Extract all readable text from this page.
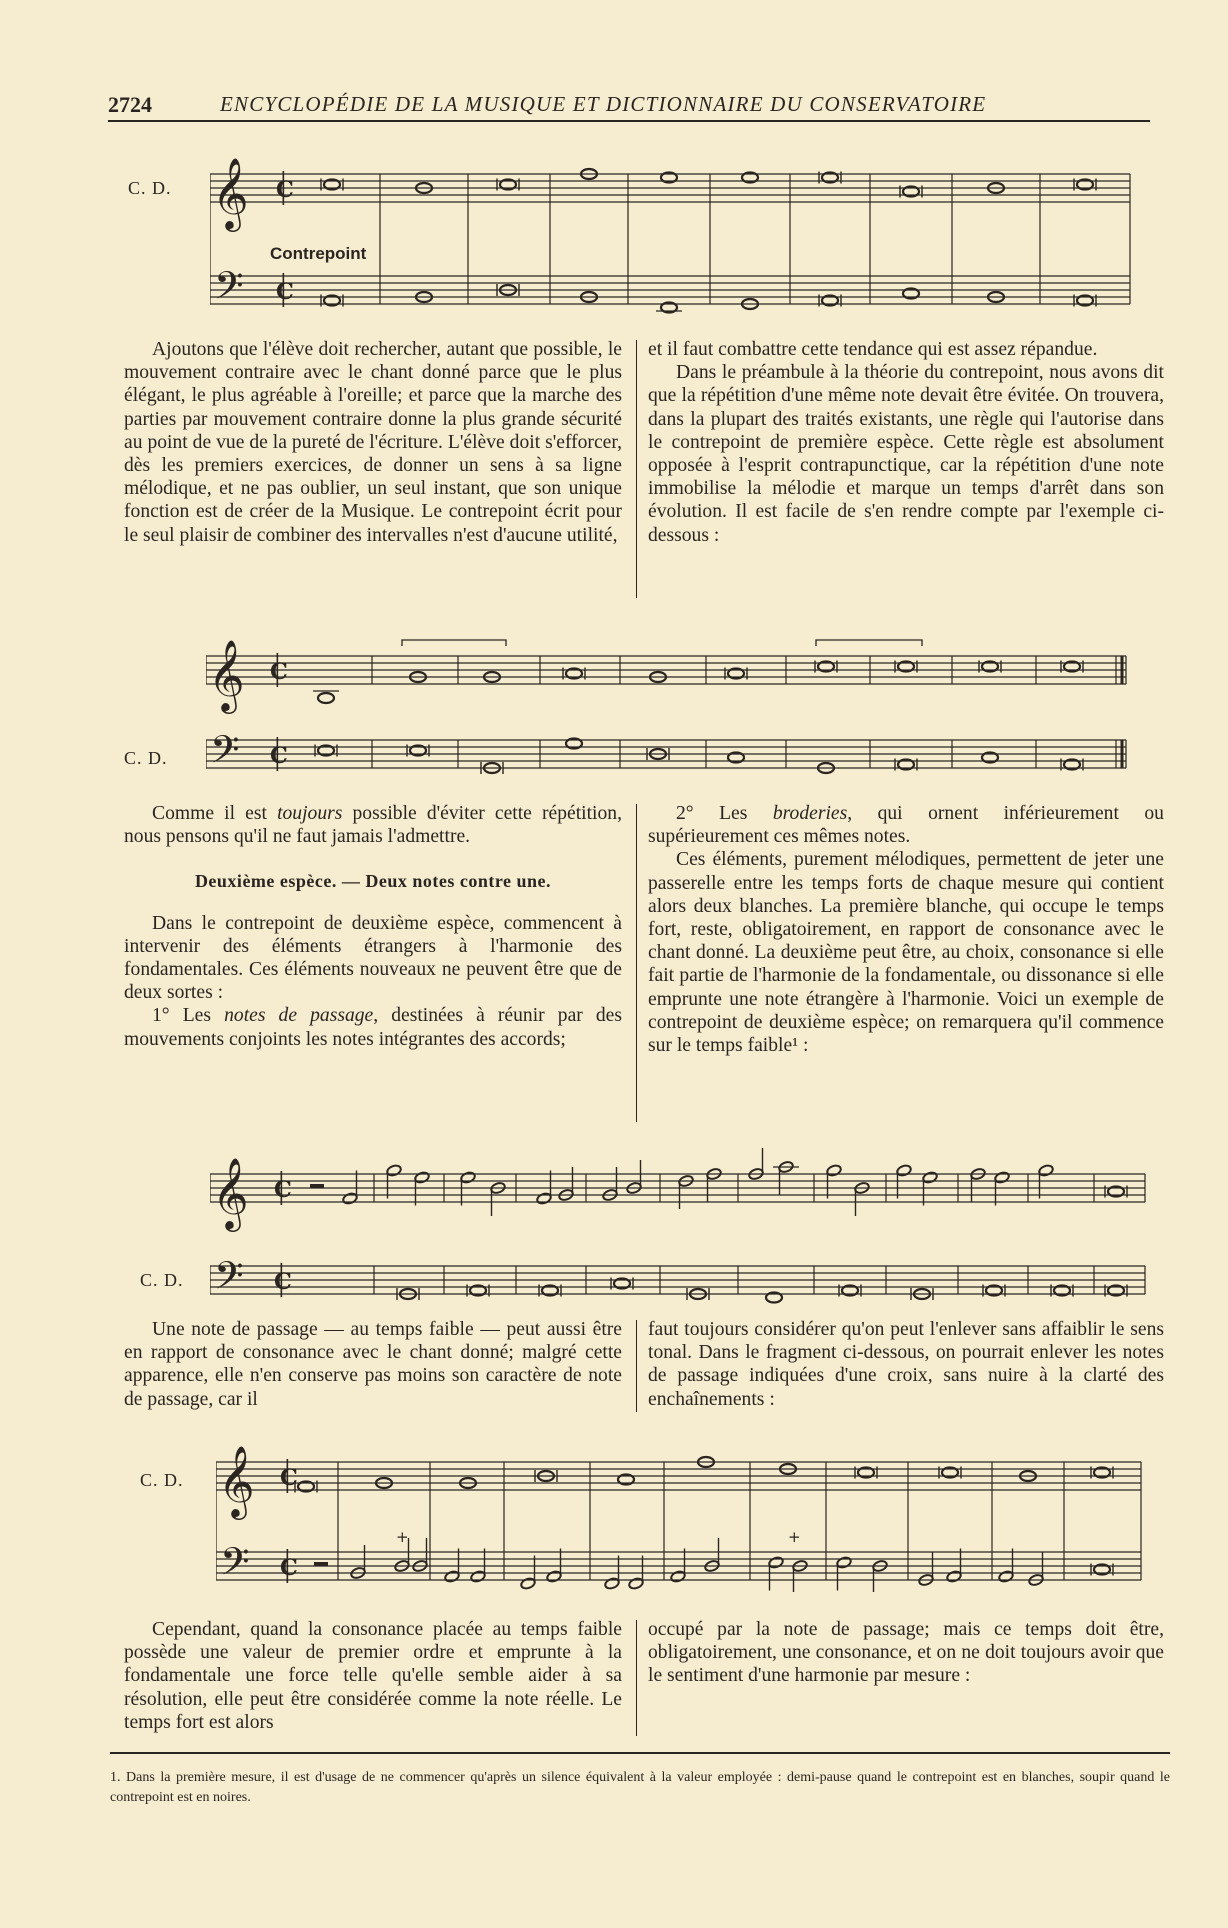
2724	ENCYCLOPÉDIE DE LA MUSIQUE ET DICTIONNAIRE DU CONSERVATOIRE
𝄞
𝄢
C
C
C. D.
Contrepoint

Ajoutons que l'élève doit rechercher, autant que possible, le mouvement contraire avec le chant donné parce que le plus élégant, le plus agréable à l'oreille; et parce que la marche des parties par mouvement contraire donne la plus grande sécurité au point de vue de la pureté de l'écriture. L'élève doit s'efforcer, dès les premiers exercices, de donner un sens à sa ligne mélodique, et ne pas oublier, un seul instant, que son unique fonction est de créer de la Musique. Le contrepoint écrit pour le seul plaisir de combiner des intervalles n'est d'aucune utilité,

et il faut combattre cette tendance qui est assez répandue.

Dans le préambule à la théorie du contrepoint, nous avons dit que la répétition d'une même note devait être évitée. On trouvera, dans la plupart des traités existants, une règle qui l'autorise dans le contrepoint de première espèce. Cette règle est absolument opposée à l'esprit contrapunctique, car la répétition d'une note immobilise la mélodie et marque un temps d'arrêt dans son évolution. Il est facile de s'en rendre compte par l'exemple ci-dessous :

𝄞
𝄢
C
C
C. D.

Comme il est toujours possible d'éviter cette répétition, nous pensons qu'il ne faut jamais l'admettre.

Deuxième espèce. — Deux notes contre une.

Dans le contrepoint de deuxième espèce, commencent à intervenir des éléments étrangers à l'harmonie des fondamentales. Ces éléments nouveaux ne peuvent être que de deux sortes :

1° Les notes de passage, destinées à réunir par des mouvements conjoints les notes intégrantes des accords;

2° Les broderies, qui ornent inférieurement ou supérieurement ces mêmes notes.

Ces éléments, purement mélodiques, permettent de jeter une passerelle entre les temps forts de chaque mesure qui contient alors deux blanches. La première blanche, qui occupe le temps fort, reste, obligatoirement, en rapport de consonance avec le chant donné. La deuxième peut être, au choix, consonance si elle fait partie de l'harmonie de la fondamentale, ou dissonance si elle emprunte une note étrangère à l'harmonie. Voici un exemple de contrepoint de deuxième espèce; on remarquera qu'il commence sur le temps faible¹ :

𝄞
𝄢
C
C
C. D.

Une note de passage — au temps faible — peut aussi être en rapport de consonance avec le chant donné; malgré cette apparence, elle n'en conserve pas moins son caractère de note de passage, car il

faut toujours considérer qu'on peut l'enlever sans affaiblir le sens tonal. Dans le fragment ci-dessous, on pourrait enlever les notes de passage indiquées d'une croix, sans nuire à la clarté des enchaînements :

𝄞
𝄢
C
C
+	+
C. D.

Cependant, quand la consonance placée au temps faible possède une valeur de premier ordre et emprunte à la fondamentale une force telle qu'elle semble aider à sa résolution, elle peut être considérée comme la note réelle. Le temps fort est alors

occupé par la note de passage; mais ce temps doit être, obligatoirement, une consonance, et on ne doit toujours avoir que le sentiment d'une harmonie par mesure :

1. Dans la première mesure, il est d'usage de ne commencer qu'après un silence équivalent à la valeur employée : demi-pause quand le contrepoint est en blanches, soupir quand le contrepoint est en noires.
